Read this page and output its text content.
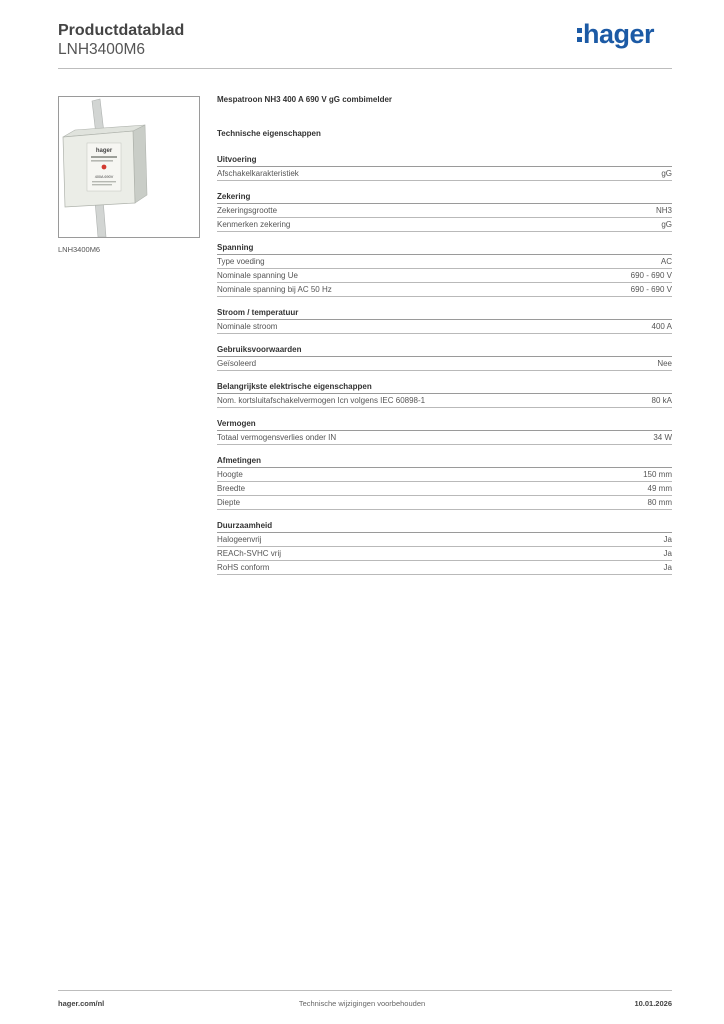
Productdatablad
LNH3400M6
hager
hager
400A 690V
LNH3400M6
Mespatroon NH3 400 A 690 V gG combimelder
Technische eigenschappen
Uitvoering
Afschakelkarakteristiek	gG
Zekering
Zekeringsgrootte	NH3
Kenmerken zekering	gG
Spanning
Type voeding	AC
Nominale spanning Ue	690 - 690 V
Nominale spanning bij AC 50 Hz	690 - 690 V
Stroom / temperatuur
Nominale stroom	400 A
Gebruiksvoorwaarden
Geïsoleerd	Nee
Belangrijkste elektrische eigenschappen
Nom. kortsluitafschakelvermogen Icn volgens IEC 60898-1	80 kA
Vermogen
Totaal vermogensverlies onder IN	34 W
Afmetingen
Hoogte	150 mm
Breedte	49 mm
Diepte	80 mm
Duurzaamheid
Halogeenvrij	Ja
REACh-SVHC vrij	Ja
RoHS conform	Ja
hager.com/nl	Technische wijzigingen voorbehouden	10.01.2026
